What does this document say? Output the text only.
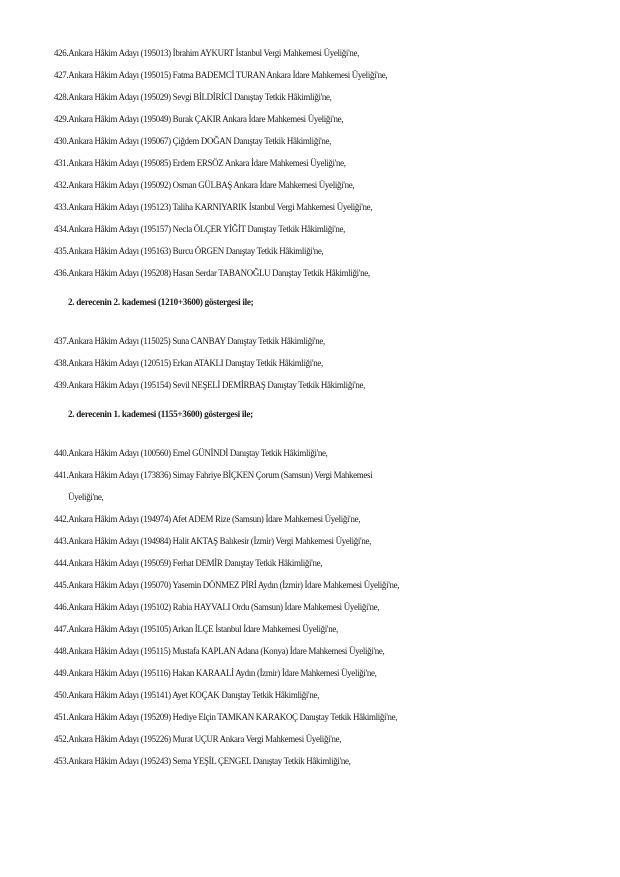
426.Ankara Hâkim Adayı (195013) İbrahim AYKURT İstanbul Vergi Mahkemesi Üyeliği'ne,
427.Ankara Hâkim Adayı (195015) Fatma BADEMCİ TURAN Ankara İdare Mahkemesi Üyeliği'ne,
428.Ankara Hâkim Adayı (195029) Sevgi BİLDİRİCİ Danıştay Tetkik Hâkimliği'ne,
429.Ankara Hâkim Adayı (195049) Burak ÇAKIR Ankara İdare Mahkemesi Üyeliği'ne,
430.Ankara Hâkim Adayı (195067) Çiğdem DOĞAN Danıştay Tetkik Hâkimliği'ne,
431.Ankara Hâkim Adayı (195085) Erdem ERSÖZ Ankara İdare Mahkemesi Üyeliği'ne,
432.Ankara Hâkim Adayı (195092) Osman GÜLBAŞ Ankara İdare Mahkemesi Üyeliği'ne,
433.Ankara Hâkim Adayı (195123) Taliha KARNIYARIK İstanbul Vergi Mahkemesi Üyeliği'ne,
434.Ankara Hâkim Adayı (195157) Necla ÖLÇER YİĞİT Danıştay Tetkik Hâkimliği'ne,
435.Ankara Hâkim Adayı (195163) Burcu ÖRGEN Danıştay Tetkik Hâkimliği'ne,
436.Ankara Hâkim Adayı (195208) Hasan Serdar TABANOĞLU Danıştay Tetkik Hâkimliği'ne,
2. derecenin 2. kademesi (1210+3600) göstergesi ile;
437.Ankara Hâkim Adayı (115025) Suna CANBAY Danıştay Tetkik Hâkimliği'ne,
438.Ankara Hâkim Adayı (120515) Erkan ATAKLI Danıştay Tetkik Hâkimliği'ne,
439.Ankara Hâkim Adayı (195154) Sevil NEŞELİ DEMİRBAŞ Danıştay Tetkik Hâkimliği'ne,
2. derecenin 1. kademesi (1155+3600) göstergesi ile;
440.Ankara Hâkim Adayı (100560) Emel GÜNİNDİ Danıştay Tetkik Hâkimliği'ne,
441.Ankara Hâkim Adayı (173836) Simay Fahriye BİÇKEN Çorum (Samsun) Vergi Mahkemesi
Üyeliği'ne,
442.Ankara Hâkim Adayı (194974) Afet ADEM Rize (Samsun) İdare Mahkemesi Üyeliği'ne,
443.Ankara Hâkim Adayı (194984) Halit AKTAŞ Balıkesir (İzmir) Vergi Mahkemesi Üyeliği'ne,
444.Ankara Hâkim Adayı (195059) Ferhat DEMİR Danıştay Tetkik Hâkimliği'ne,
445.Ankara Hâkim Adayı (195070) Yasemin DÖNMEZ PİRİ Aydın (İzmir) İdare Mahkemesi Üyeliği'ne,
446.Ankara Hâkim Adayı (195102) Rabia HAYVALI Ordu (Samsun) İdare Mahkemesi Üyeliği'ne,
447.Ankara Hâkim Adayı (195105) Arkan İLÇE İstanbul İdare Mahkemesi Üyeliği'ne,
448.Ankara Hâkim Adayı (195115) Mustafa KAPLAN Adana (Konya) İdare Mahkemesi Üyeliği'ne,
449.Ankara Hâkim Adayı (195116) Hakan KARAALİ Aydın (İzmir) İdare Mahkemesi Üyeliği'ne,
450.Ankara Hâkim Adayı (195141) Ayet KOÇAK Danıştay Tetkik Hâkimliği'ne,
451.Ankara Hâkim Adayı (195209) Hediye Elçin TAMKAN KARAKOÇ Danıştay Tetkik Hâkimliği'ne,
452.Ankara Hâkim Adayı (195226) Murat UÇUR Ankara Vergi Mahkemesi Üyeliği'ne,
453.Ankara Hâkim Adayı (195243) Sema YEŞİL ÇENGEL Danıştay Tetkik Hâkimliği'ne,
